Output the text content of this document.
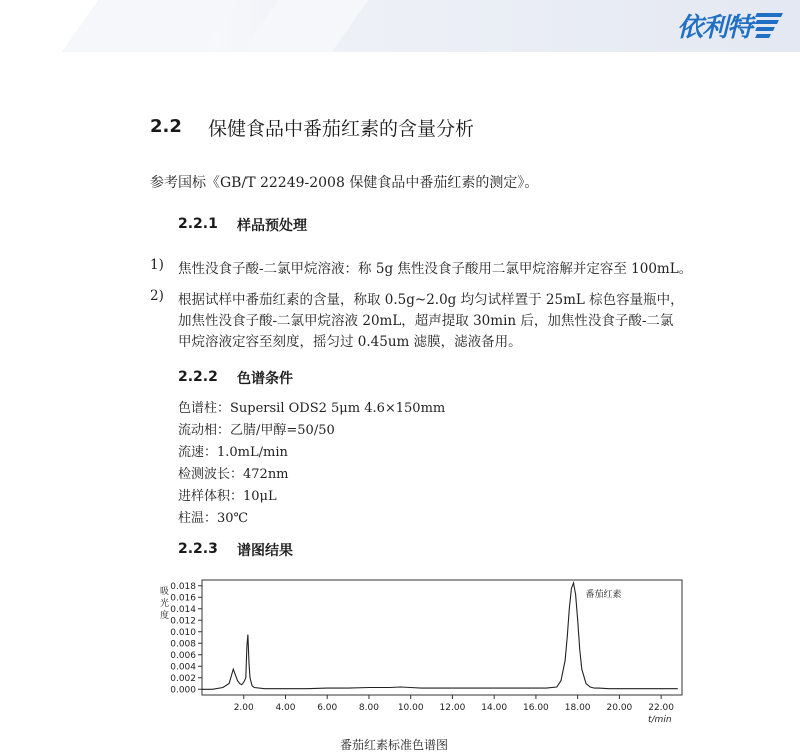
依利特
2.2 保健食品中番茄红素的含量分析
参考国标《GB/T 22249-2008 保健食品中番茄红素的测定》。
2.2.1 样品预处理
1) 焦性没食子酸-二氯甲烷溶液：称 5g 焦性没食子酸用二氯甲烷溶解并定容至 100mL。
2) 根据试样中番茄红素的含量，称取 0.5g~2.0g 均匀试样置于 25mL 棕色容量瓶中，
加焦性没食子酸-二氯甲烷溶液 20mL，超声提取 30min 后，加焦性没食子酸-二氯
甲烷溶液定容至刻度，摇匀过 0.45um 滤膜，滤液备用。
2.2.2 色谱条件
色谱柱：Supersil ODS2 5μm 4.6×150mm
流动相：乙腈/甲醇=50/50
流速：1.0mL/min
检测波长：472nm
进样体积：10μL
柱温：30℃
2.2.3 谱图结果
吸
光
度
0.000
0.002
0.004
0.006
0.008
0.010
0.012
0.014
0.016
0.018
2.00 4.00 6.00 8.00 10.00 12.00 14.00 16.00 18.00 20.00 22.00
番茄红素
t/min
番茄红素标准色谱图
